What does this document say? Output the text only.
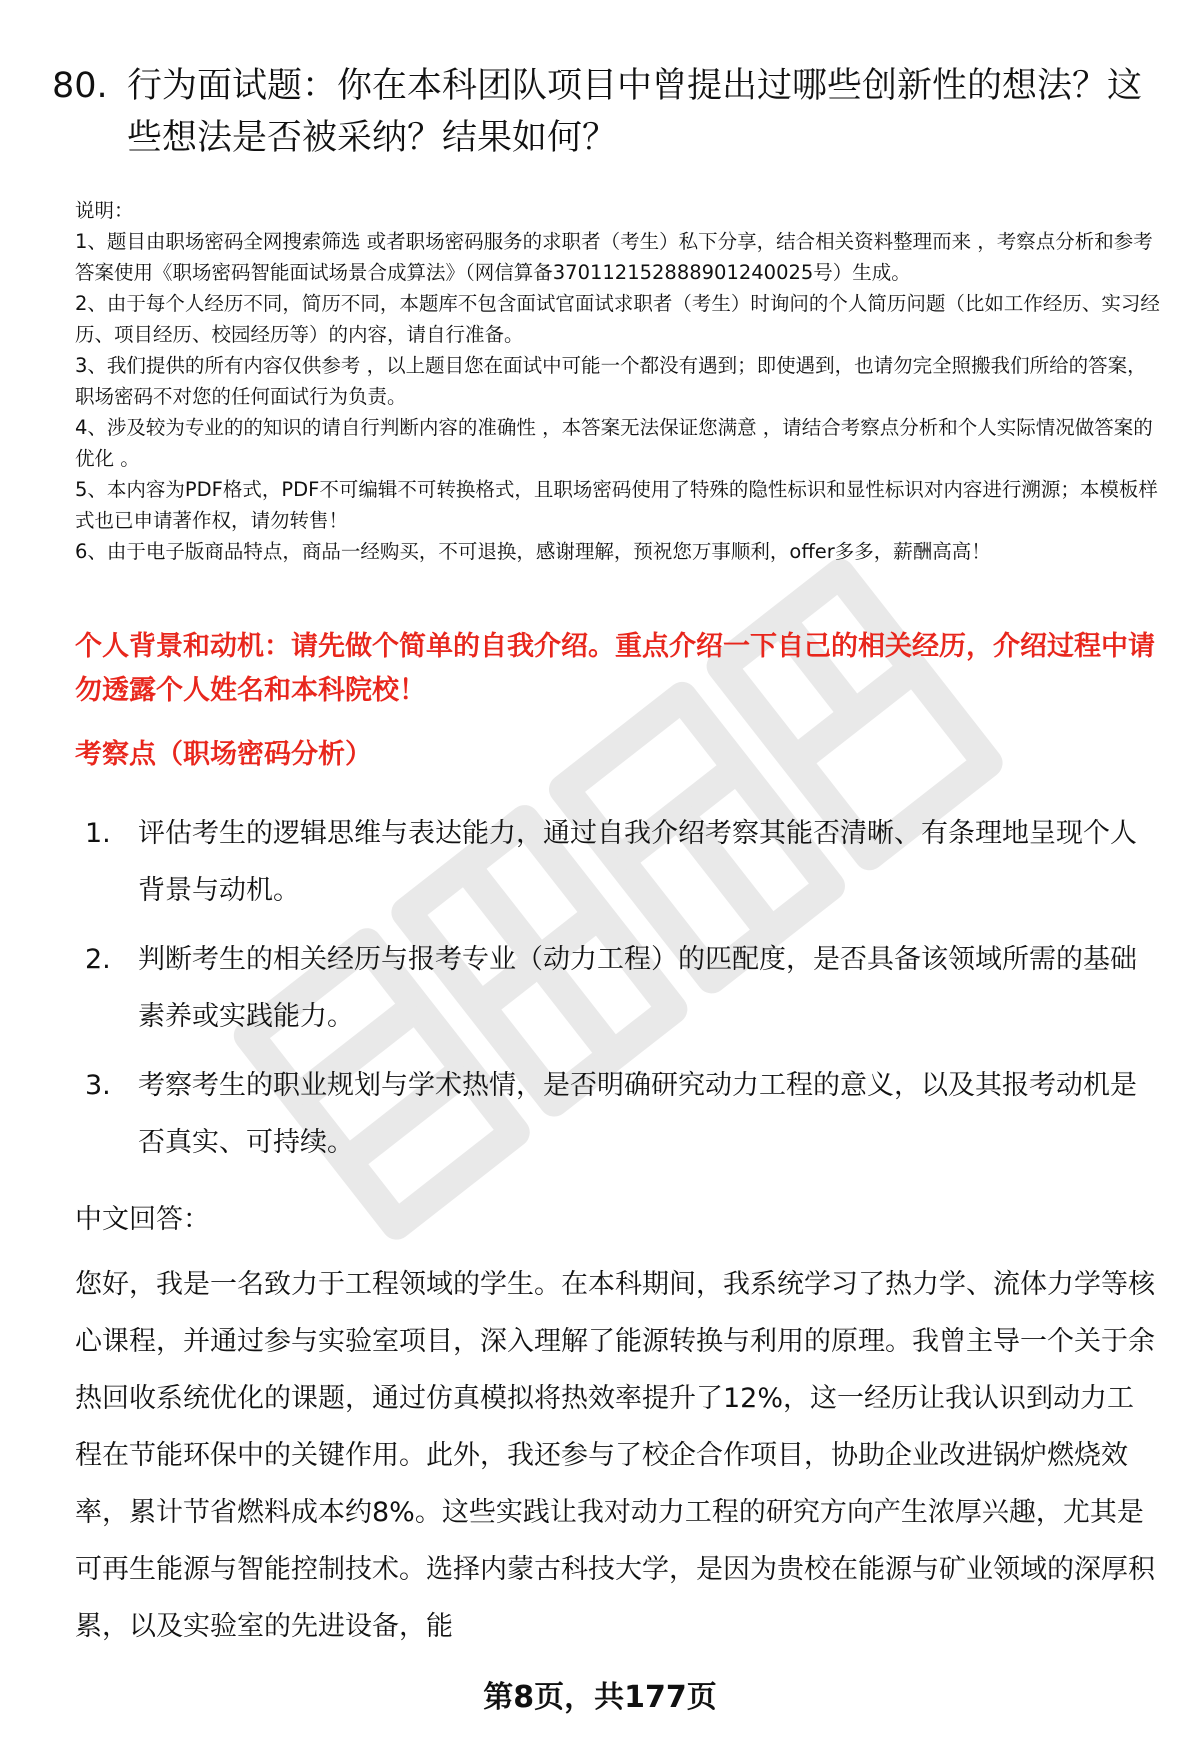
80. 行为面试题：你在本科团队项目中曾提出过哪些创新性的想法？这些想法是否被采纳？结果如何？

说明：

1、题目由职场密码全网搜索筛选 或者职场密码服务的求职者（考生）私下分享，结合相关资料整理而来 ，考察点分析和参考答案使用《职场密码智能面试场景合成算法》（网信算备370112152888901240025号）生成。

2、由于每个人经历不同，简历不同，本题库不包含面试官面试求职者（考生）时询问的个人简历问题（比如工作经历、实习经历、项目经历、校园经历等）的内容，请自行准备。

3、我们提供的所有内容仅供参考 ，以上题目您在面试中可能一个都没有遇到；即使遇到，也请勿完全照搬我们所给的答案，职场密码不对您的任何面试行为负责。

4、涉及较为专业的的知识的请自行判断内容的准确性 ，本答案无法保证您满意 ，请结合考察点分析和个人实际情况做答案的优化 。

5、本内容为PDF格式，PDF不可编辑不可转换格式，且职场密码使用了特殊的隐性标识和显性标识对内容进行溯源；本模板样式也已申请著作权，请勿转售！

6、由于电子版商品特点，商品一经购买，不可退换，感谢理解，预祝您万事顺利，offer多多，薪酬高高！

个人背景和动机：请先做个简单的自我介绍。重点介绍一下自己的相关经历，介绍过程中请勿透露个人姓名和本科院校！
考察点（职场密码分析）
1.	评估考生的逻辑思维与表达能力，通过自我介绍考察其能否清晰、有条理地呈现个人背景与动机。
2.	判断考生的相关经历与报考专业（动力工程）的匹配度，是否具备该领域所需的基础素养或实践能力。
3.	考察考生的职业规划与学术热情，是否明确研究动力工程的意义，以及其报考动机是否真实、可持续。
中文回答：

您好，我是一名致力于工程领域的学生。在本科期间，我系统学习了热力学、流体力学等核心课程，并通过参与实验室项目，深入理解了能源转换与利用的原理。我曾主导一个关于余热回收系统优化的课题，通过仿真模拟将热效率提升了12%，这一经历让我认识到动力工程在节能环保中的关键作用。此外，我还参与了校企合作项目，协助企业改进锅炉燃烧效率，累计节省燃料成本约8%。这些实践让我对动力工程的研究方向产生浓厚兴趣，尤其是可再生能源与智能控制技术。选择内蒙古科技大学，是因为贵校在能源与矿业领域的深厚积累，以及实验室的先进设备，能

第8页，共177页
